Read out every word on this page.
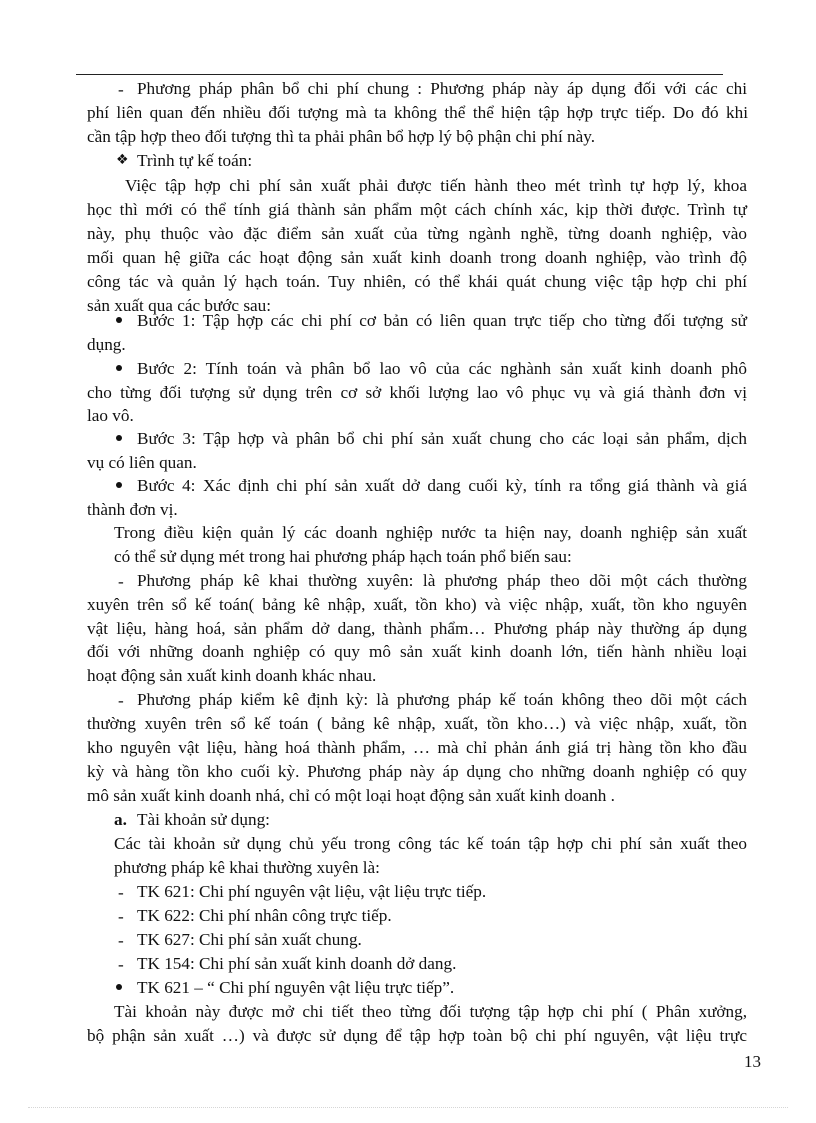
- Phương pháp phân bổ chi phí chung : Phương pháp này áp dụng đối với các chi
phí liên quan đến nhiều đối tượng mà ta không thể thể hiện tập hợp trực tiếp. Do đó khi
cần tập hợp theo đối tượng thì ta phải phân bổ hợp lý bộ phận chi phí này.
❖ Trình tự kế toán:
Việc tập hợp chi phí sản xuất phải được tiến hành theo mét trình tự hợp lý, khoa
học thì mới có thể tính giá thành sản phẩm một cách chính xác, kịp thời được. Trình tự
này, phụ thuộc vào đặc điểm sản xuất của từng ngành nghề, từng doanh nghiệp, vào
mối quan hệ giữa các hoạt động sản xuất kinh doanh trong doanh nghiệp, vào trình độ
công tác và quản lý hạch toán. Tuy nhiên, có thể khái quát chung việc tập hợp chi phí
sản xuất qua các bước sau:
Bước 1: Tập hợp các chi phí cơ bản có liên quan trực tiếp cho từng đối tượng sử
dụng.
Bước 2: Tính toán và phân bổ lao vô của các nghành sản xuất kinh doanh phô
cho từng đối tượng sử dụng trên cơ sở khối lượng lao vô phục vụ và giá thành đơn vị
lao vô.
Bước 3: Tập hợp và phân bổ chi phí sản xuất chung cho các loại sản phẩm, dịch
vụ có liên quan.
Bước 4: Xác định chi phí sản xuất dở dang cuối kỳ, tính ra tổng giá thành và giá
thành đơn vị.
Trong điều kiện quản lý các doanh nghiệp nước ta hiện nay, doanh nghiệp sản xuất
có thể sử dụng mét trong hai phương pháp hạch toán phổ biến sau:
- Phương pháp kê khai thường xuyên: là phương pháp theo dõi một cách thường
xuyên trên sổ kế toán( bảng kê nhập, xuất, tồn kho) và việc nhập, xuất, tồn kho nguyên
vật liệu, hàng hoá, sản phẩm dở dang, thành phẩm… Phương pháp này thường áp dụng
đối với những doanh nghiệp có quy mô sản xuất kinh doanh lớn, tiến hành nhiều loại
hoạt động sản xuất kinh doanh khác nhau.
- Phương pháp kiểm kê định kỳ: là phương pháp kế toán không theo dõi một cách
thường xuyên trên sổ kế toán ( bảng kê nhập, xuất, tồn kho…) và việc nhập, xuất, tồn
kho nguyên vật liệu, hàng hoá thành phẩm, … mà chỉ phản ánh giá trị hàng tồn kho đầu
kỳ và hàng tồn kho cuối kỳ. Phương pháp này áp dụng cho những doanh nghiệp có quy
mô sản xuất kinh doanh nhá, chỉ có một loại hoạt động sản xuất kinh doanh .
a. Tài khoản sử dụng:
Các tài khoản sử dụng chủ yếu trong công tác kế toán tập hợp chi phí sản xuất theo
phương pháp kê khai thường xuyên là:
- TK 621: Chi phí nguyên vật liệu, vật liệu trực tiếp.
- TK 622: Chi phí nhân công trực tiếp.
- TK 627: Chi phí sản xuất chung.
- TK 154: Chi phí sản xuất kinh doanh dở dang.
TK 621 – “ Chi phí nguyên vật liệu trực tiếp”.
Tài khoản này được mở chi tiết theo từng đối tượng tập hợp chi phí ( Phân xưởng,
bộ phận sản xuất …) và được sử dụng để tập hợp toàn bộ chi phí nguyên, vật liệu trực
13
